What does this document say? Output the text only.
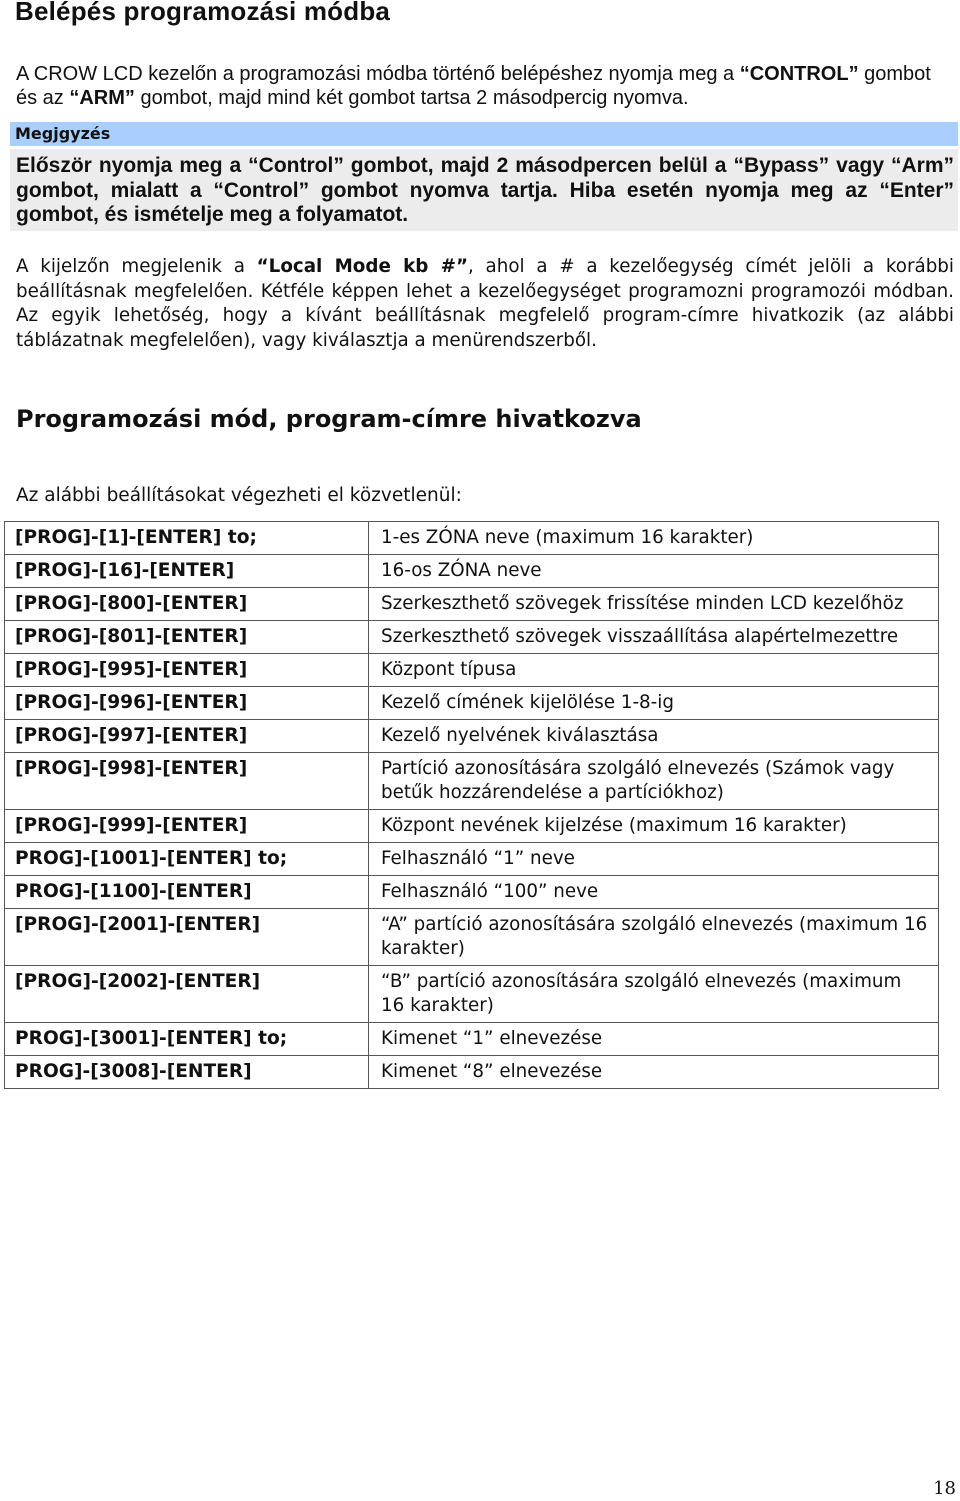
Belépés programozási módba

A CROW LCD kezelőn a programozási módba történő belépéshez nyomja meg a “CONTROL” gombot és az “ARM” gombot, majd mind két gombot tartsa 2 másodpercig nyomva.

Megjgyzés
Először nyomja meg a “Control” gombot, majd 2 másodpercen belül a “Bypass” vagy “Arm” gombot, mialatt a “Control” gombot nyomva tartja. Hiba esetén nyomja meg az “Enter” gombot, és ismételje meg a folyamatot.

A kijelzőn megjelenik a “Local Mode kb #”, ahol a # a kezelőegység címét jelöli a korábbi beállításnak megfelelően. Kétféle képpen lehet a kezelőegységet programozni programozói módban. Az egyik lehetőség, hogy a kívánt beállításnak megfelelő program-címre hivatkozik (az alábbi táblázatnak megfelelően), vagy kiválasztja a menürendszerből.

Programozási mód, program-címre hivatkozva

Az alábbi beállításokat végezheti el közvetlenül:

[PROG]-[1]-[ENTER] to;	1-es ZÓNA neve (maximum 16 karakter)
[PROG]-[16]-[ENTER]	16-os ZÓNA neve
[PROG]-[800]-[ENTER]	Szerkeszthető szövegek frissítése minden LCD kezelőhöz
[PROG]-[801]-[ENTER]	Szerkeszthető szövegek visszaállítása alapértelmezettre
[PROG]-[995]-[ENTER]	Központ típusa
[PROG]-[996]-[ENTER]	Kezelő címének kijelölése 1-8-ig
[PROG]-[997]-[ENTER]	Kezelő nyelvének kiválasztása
[PROG]-[998]-[ENTER]	Partíció azonosítására szolgáló elnevezés (Számok vagy betűk hozzárendelése a partíciókhoz)
[PROG]-[999]-[ENTER]	Központ nevének kijelzése (maximum 16 karakter)
PROG]-[1001]-[ENTER] to;	Felhasználó “1” neve
PROG]-[1100]-[ENTER]	Felhasználó “100” neve
[PROG]-[2001]-[ENTER]	“A” partíció azonosítására szolgáló elnevezés (maximum 16 karakter)
[PROG]-[2002]-[ENTER]	“B” partíció azonosítására szolgáló elnevezés (maximum 16 karakter)
PROG]-[3001]-[ENTER] to;	Kimenet “1” elnevezése
PROG]-[3008]-[ENTER]	Kimenet “8” elnevezése
18
